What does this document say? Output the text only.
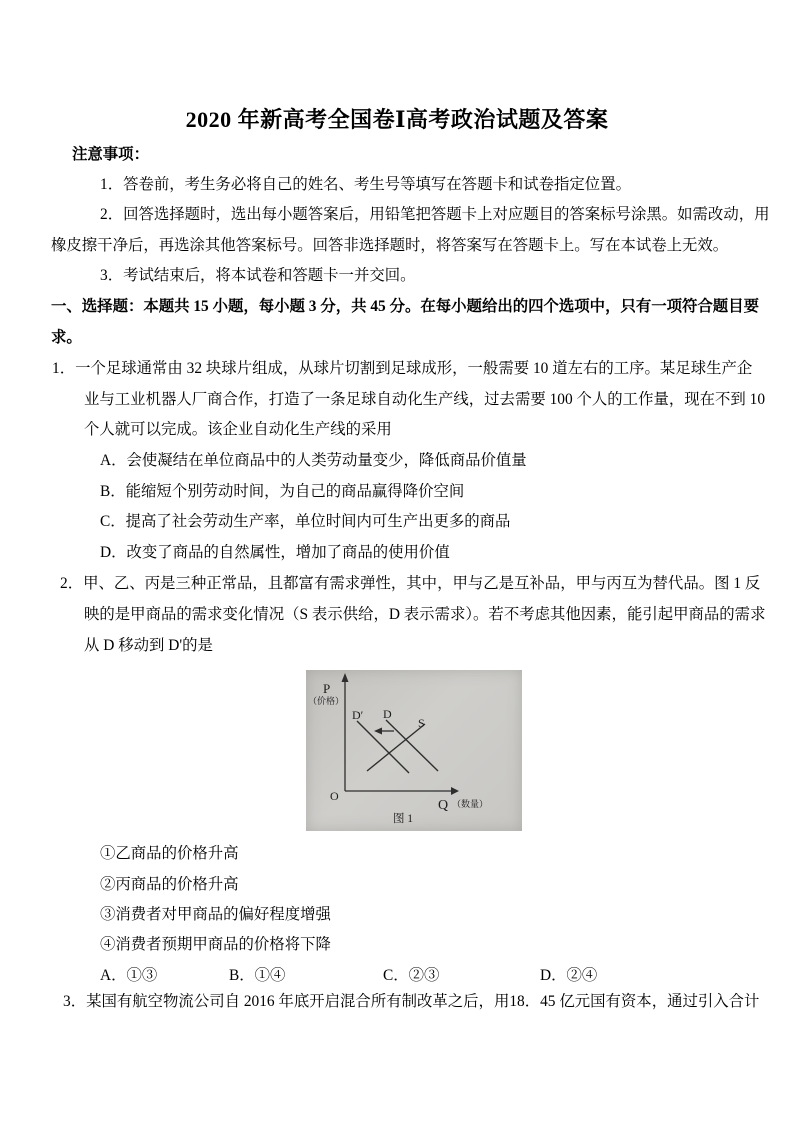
2020 年新高考全国卷Ⅰ高考政治试题及答案
注意事项：
1．答卷前，考生务必将自己的姓名、考生号等填写在答题卡和试卷指定位置。
2．回答选择题时，选出每小题答案后，用铅笔把答题卡上对应题目的答案标号涂黑。如需改动，用
橡皮擦干净后，再选涂其他答案标号。回答非选择题时，将答案写在答题卡上。写在本试卷上无效。
3．考试结束后，将本试卷和答题卡一并交回。
一、选择题：本题共 15 小题，每小题 3 分，共 45 分。在每小题给出的四个选项中，只有一项符合题目要
求。
1．一个足球通常由 32 块球片组成，从球片切割到足球成形，一般需要 10 道左右的工序。某足球生产企
业与工业机器人厂商合作，打造了一条足球自动化生产线，过去需要 100 个人的工作量，现在不到 10
个人就可以完成。该企业自动化生产线的采用
A．会使凝结在单位商品中的人类劳动量变少，降低商品价值量
B．能缩短个别劳动时间，为自己的商品赢得降价空间
C．提高了社会劳动生产率，单位时间内可生产出更多的商品
D．改变了商品的自然属性，增加了商品的使用价值
2．甲、乙、丙是三种正常品，且都富有需求弹性，其中，甲与乙是互补品，甲与丙互为替代品。图 1 反
映的是甲商品的需求变化情况（S 表示供给，D 表示需求）。若不考虑其他因素，能引起甲商品的需求
从 D 移动到 D'的是
P
（价格）
O
Q （数量）
D′ D
S
图 1
①乙商品的价格升高
②丙商品的价格升高
③消费者对甲商品的偏好程度增强
④消费者预期甲商品的价格将下降
A．①③	B．①④	C．②③	D．②④
3．某国有航空物流公司自 2016 年底开启混合所有制改革之后，用18．45 亿元国有资本，通过引入合计
